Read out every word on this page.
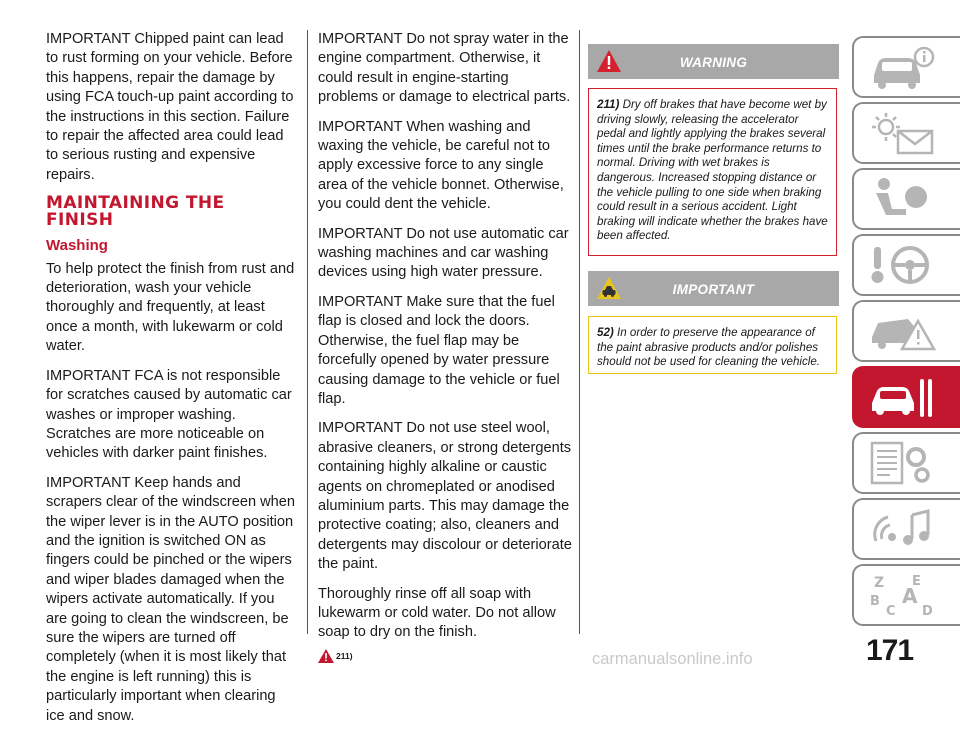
IMPORTANT Chipped paint can lead to rust forming on your vehicle. Before this happens, repair the damage by using FCA touch-up paint according to the instructions in this section. Failure to repair the affected area could lead to serious rusting and expensive repairs.

MAINTAINING THE FINISH
Washing

To help protect the finish from rust and deterioration, wash your vehicle thoroughly and frequently, at least once a month, with lukewarm or cold water.

IMPORTANT FCA is not responsible for scratches caused by automatic car washes or improper washing. Scratches are more noticeable on vehicles with darker paint finishes.

IMPORTANT Keep hands and scrapers clear of the windscreen when the wiper lever is in the AUTO position and the ignition is switched ON as fingers could be pinched or the wipers and wiper blades damaged when the wipers activate automatically. If you are going to clean the windscreen, be sure the wipers are turned off completely (when it is most likely that the engine is left running) this is particularly important when clearing ice and snow.

IMPORTANT Do not spray water in the engine compartment. Otherwise, it could result in engine-starting problems or damage to electrical parts.

IMPORTANT When washing and waxing the vehicle, be careful not to apply excessive force to any single area of the vehicle bonnet. Otherwise, you could dent the vehicle.

IMPORTANT Do not use automatic car washing machines and car washing devices using high water pressure.

IMPORTANT Make sure that the fuel flap is closed and lock the doors. Otherwise, the fuel flap may be forcefully opened by water pressure causing damage to the vehicle or fuel flap.

IMPORTANT Do not use steel wool, abrasive cleaners, or strong detergents containing highly alkaline or caustic agents on chromeplated or anodised aluminium parts. This may damage the protective coating; also, cleaners and detergents may discolour or deteriorate the paint.

Thoroughly rinse off all soap with lukewarm or cold water. Do not allow soap to dry on the finish.

211)
WARNING
211) Dry off brakes that have become wet by driving slowly, releasing the accelerator pedal and lightly applying the brakes several times until the brake performance returns to normal. Driving with wet brakes is dangerous. Increased stopping distance or the vehicle pulling to one side when braking could result in a serious accident. Light braking will indicate whether the brakes have been affected.
IMPORTANT
52) In order to preserve the appearance of the paint abrasive products and/or polishes should not be used for cleaning the vehicle.
Z E
A
B
C D
171
carmanualsonline.info
